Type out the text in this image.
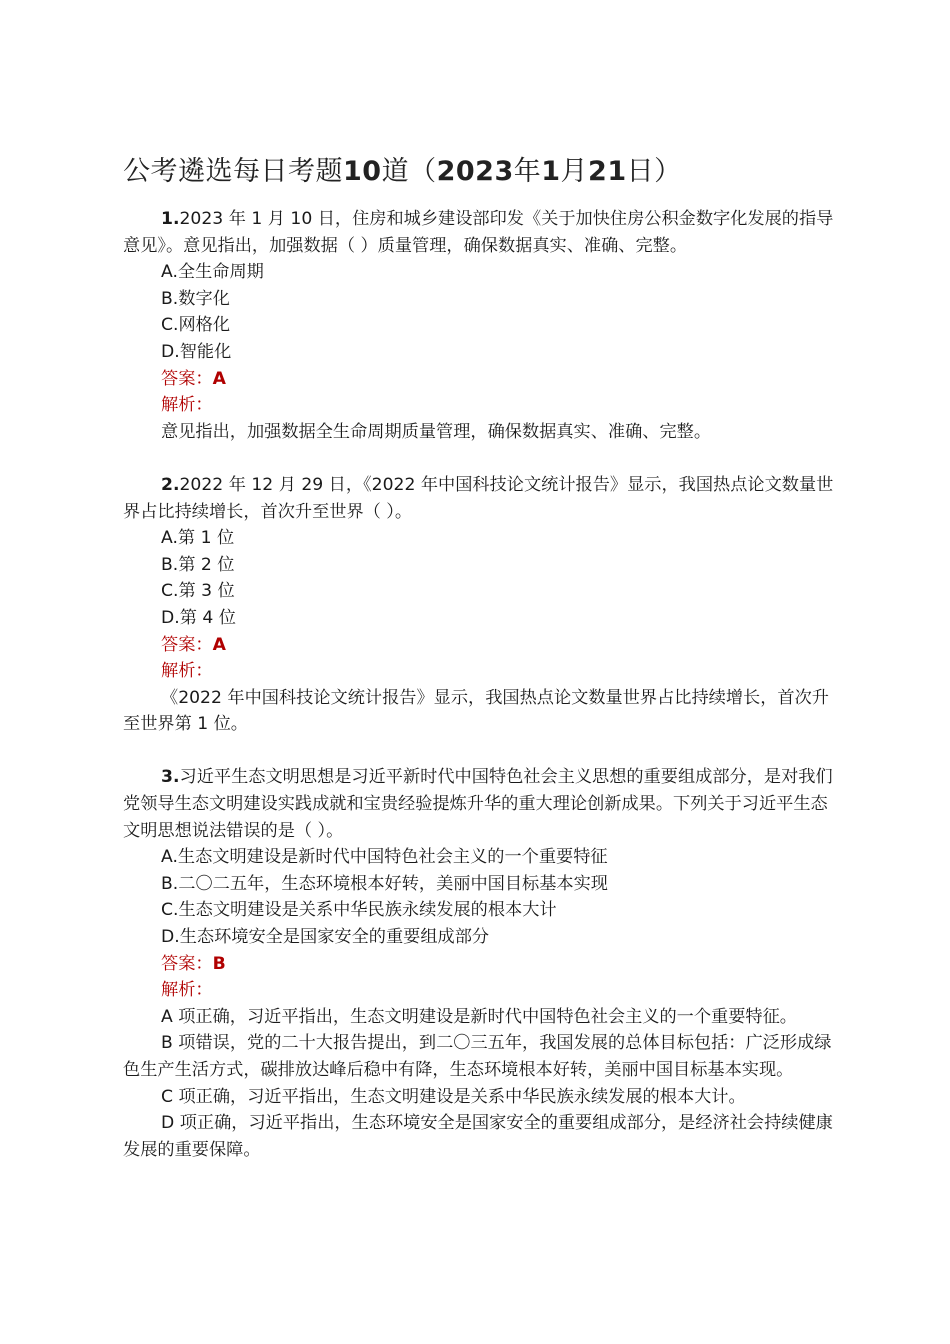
公考遴选每日考题10道（2023年1月21日）

1.2023 年 1 月 10 日，住房和城乡建设部印发《关于加快住房公积金数字化发展的指导意见》。意见指出，加强数据（ ）质量管理，确保数据真实、准确、完整。

A.全生命周期

B.数字化

C.网格化

D.智能化

答案：A

解析：

意见指出，加强数据全生命周期质量管理，确保数据真实、准确、完整。

2.2022 年 12 月 29 日，《2022 年中国科技论文统计报告》显示，我国热点论文数量世界占比持续增长，首次升至世界（ ）。

A.第 1 位

B.第 2 位

C.第 3 位

D.第 4 位

答案：A

解析：

《2022 年中国科技论文统计报告》显示，我国热点论文数量世界占比持续增长，首次升至世界第 1 位。

3.习近平生态文明思想是习近平新时代中国特色社会主义思想的重要组成部分，是对我们党领导生态文明建设实践成就和宝贵经验提炼升华的重大理论创新成果。下列关于习近平生态文明思想说法错误的是（ ）。

A.生态文明建设是新时代中国特色社会主义的一个重要特征

B.二〇二五年，生态环境根本好转，美丽中国目标基本实现

C.生态文明建设是关系中华民族永续发展的根本大计

D.生态环境安全是国家安全的重要组成部分

答案：B

解析：

A 项正确，习近平指出，生态文明建设是新时代中国特色社会主义的一个重要特征。

B 项错误，党的二十大报告提出，到二〇三五年，我国发展的总体目标包括：广泛形成绿色生产生活方式，碳排放达峰后稳中有降，生态环境根本好转，美丽中国目标基本实现。

C 项正确，习近平指出，生态文明建设是关系中华民族永续发展的根本大计。

D 项正确，习近平指出，生态环境安全是国家安全的重要组成部分，是经济社会持续健康发展的重要保障。
